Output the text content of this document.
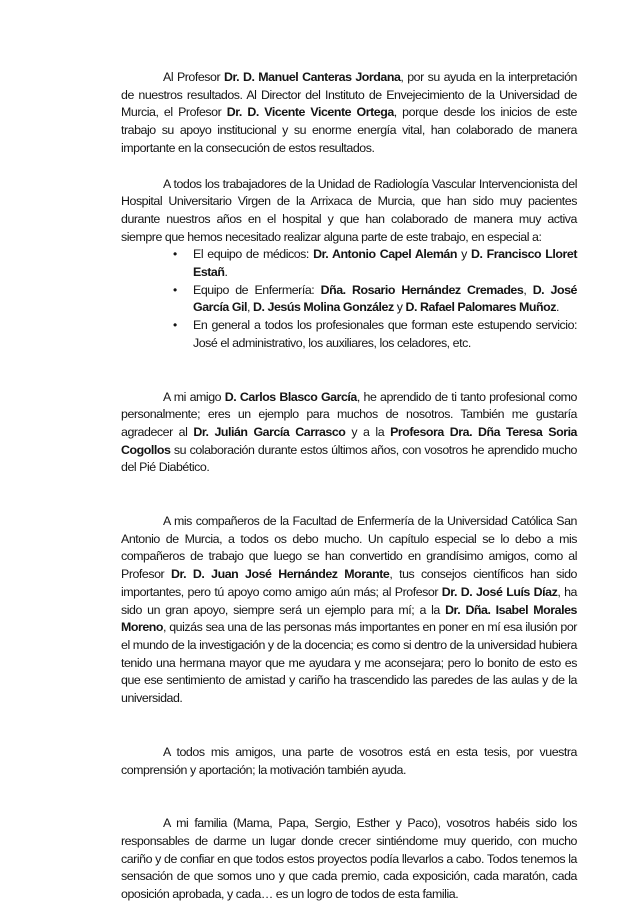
Al Profesor Dr. D. Manuel Canteras Jordana, por su ayuda en la interpretación de nuestros resultados. Al Director del Instituto de Envejecimiento de la Universidad de Murcia, el Profesor Dr. D. Vicente Vicente Ortega, porque desde los inicios de este trabajo su apoyo institucional y su enorme energía vital, han colaborado de manera importante en la consecución de estos resultados.

A todos los trabajadores de la Unidad de Radiología Vascular Intervencionista del Hospital Universitario Virgen de la Arrixaca de Murcia, que han sido muy pacientes durante nuestros años en el hospital y que han colaborado de manera muy activa siempre que hemos necesitado realizar alguna parte de este trabajo, en especial a:

• El equipo de médicos: Dr. Antonio Capel Alemán y D. Francisco Lloret Estañ.
• Equipo de Enfermería: Dña. Rosario Hernández Cremades, D. José García Gil, D. Jesús Molina González y D. Rafael Palomares Muñoz.
• En general a todos los profesionales que forman este estupendo servicio: José el administrativo, los auxiliares, los celadores, etc.

A mi amigo D. Carlos Blasco García, he aprendido de ti tanto profesional como personalmente; eres un ejemplo para muchos de nosotros. También me gustaría agradecer al Dr. Julián García Carrasco y a la Profesora Dra. Dña Teresa Soria Cogollos su colaboración durante estos últimos años, con vosotros he aprendido mucho del Pié Diabético.

A mis compañeros de la Facultad de Enfermería de la Universidad Católica San Antonio de Murcia, a todos os debo mucho. Un capítulo especial se lo debo a mis compañeros de trabajo que luego se han convertido en grandísimo amigos, como al Profesor Dr. D. Juan José Hernández Morante, tus consejos científicos han sido importantes, pero tú apoyo como amigo aún más; al Profesor Dr. D. José Luís Díaz, ha sido un gran apoyo, siempre será un ejemplo para mí; a la Dr. Dña. Isabel Morales Moreno, quizás sea una de las personas más importantes en poner en mí esa ilusión por el mundo de la investigación y de la docencia; es como si dentro de la universidad hubiera tenido una hermana mayor que me ayudara y me aconsejara; pero lo bonito de esto es que ese sentimiento de amistad y cariño ha trascendido las paredes de las aulas y de la universidad.

A todos mis amigos, una parte de vosotros está en esta tesis, por vuestra comprensión y aportación; la motivación también ayuda.

A mi familia (Mama, Papa, Sergio, Esther y Paco), vosotros habéis sido los responsables de darme un lugar donde crecer sintiéndome muy querido, con mucho cariño y de confiar en que todos estos proyectos podía llevarlos a cabo. Todos tenemos la sensación de que somos uno y que cada premio, cada exposición, cada maratón, cada oposición aprobada, y cada… es un logro de todos de esta familia.
